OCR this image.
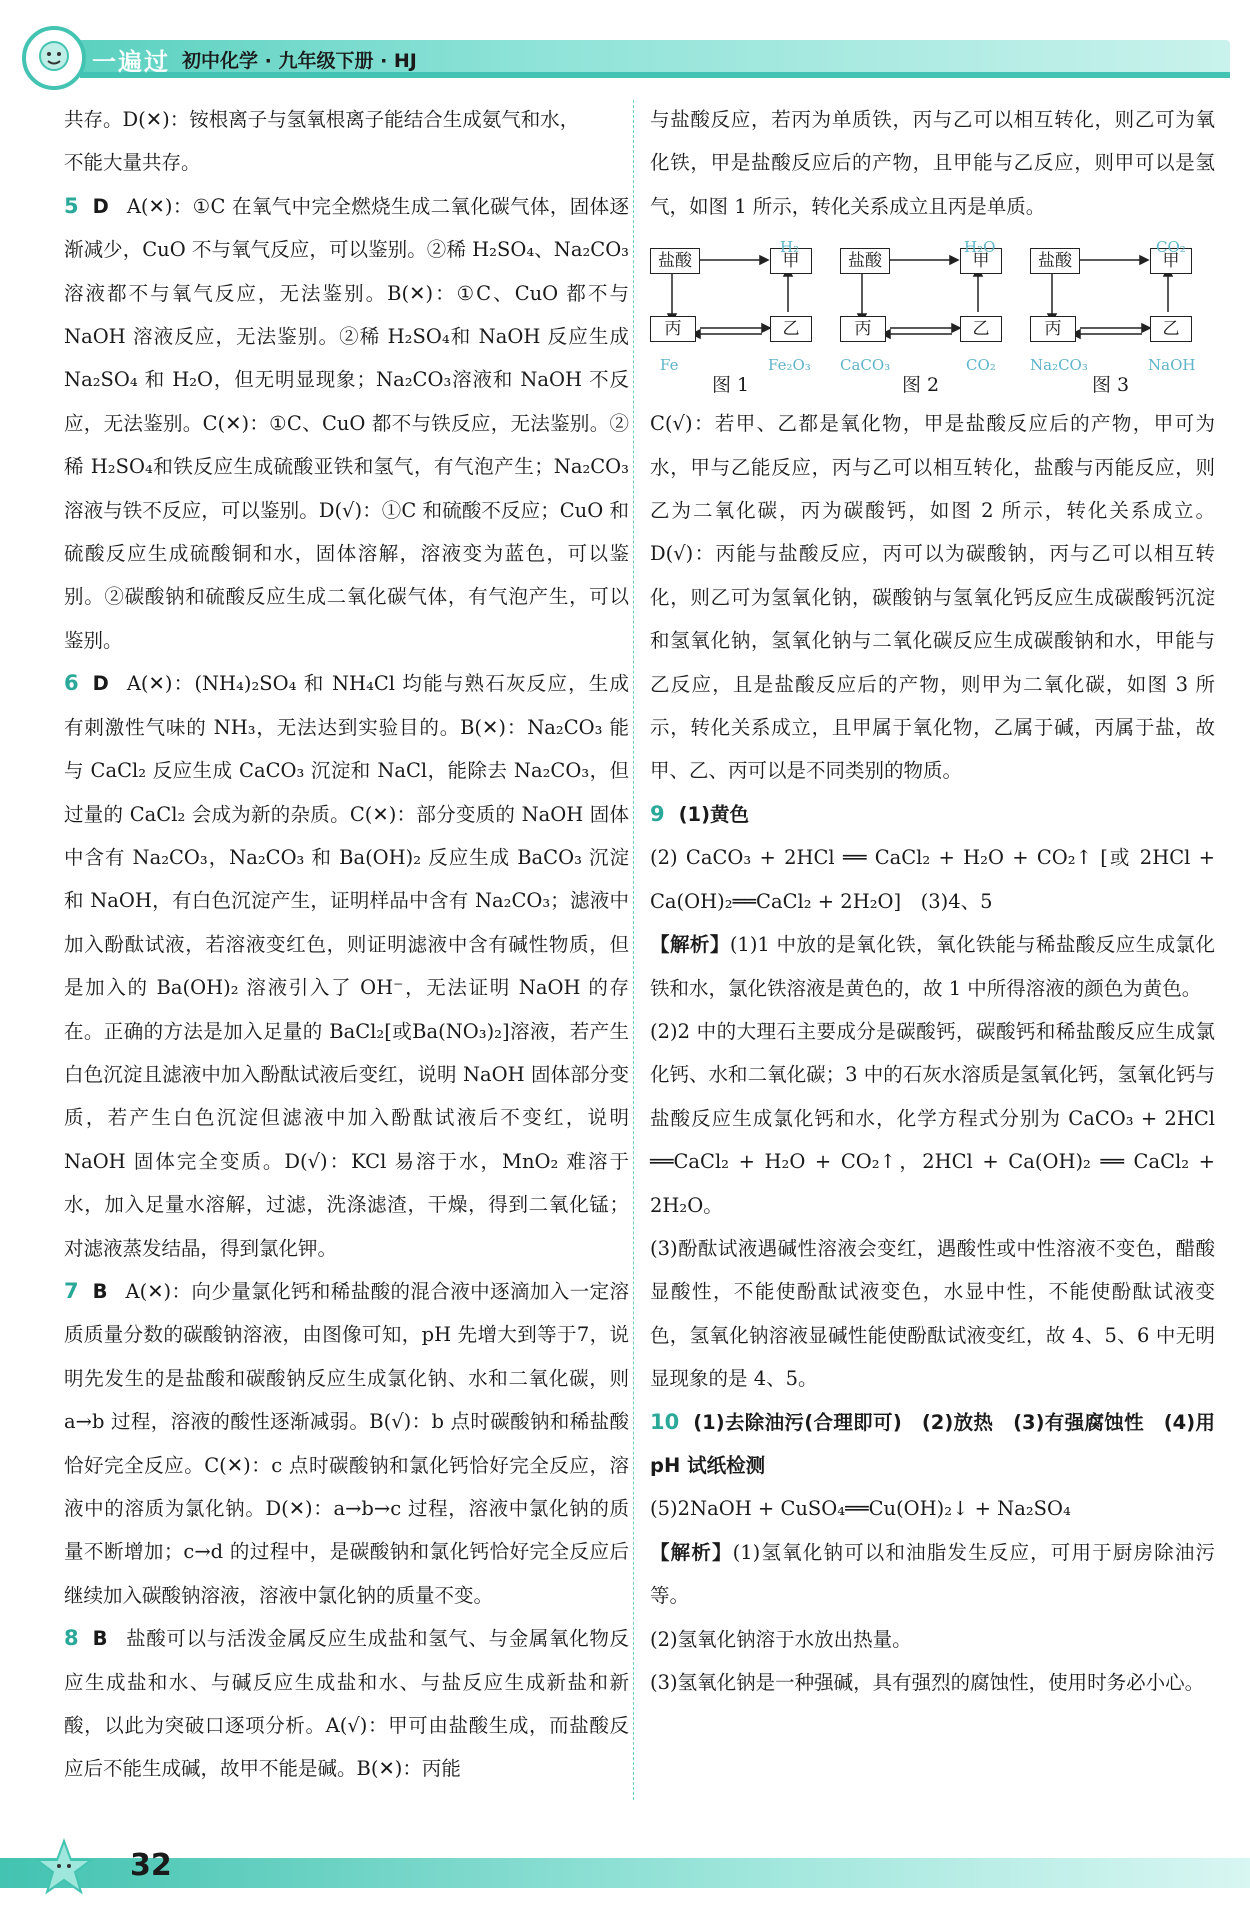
一遍过 初中化学 · 九年级下册 · HJ

共存。D(✕)：铵根离子与氢氧根离子能结合生成氨气和水，

不能大量共存。

5 D A(✕)：①C 在氧气中完全燃烧生成二氧化碳气体，固体逐渐减少，CuO 不与氧气反应，可以鉴别。②稀 H₂SO₄、Na₂CO₃溶液都不与氧气反应，无法鉴别。B(✕)：①C、CuO 都不与 NaOH 溶液反应，无法鉴别。②稀 H₂SO₄和 NaOH 反应生成 Na₂SO₄ 和 H₂O，但无明显现象；Na₂CO₃溶液和 NaOH 不反应，无法鉴别。C(✕)：①C、CuO 都不与铁反应，无法鉴别。②稀 H₂SO₄和铁反应生成硫酸亚铁和氢气，有气泡产生；Na₂CO₃溶液与铁不反应，可以鉴别。D(√)：①C 和硫酸不反应；CuO 和硫酸反应生成硫酸铜和水，固体溶解，溶液变为蓝色，可以鉴别。②碳酸钠和硫酸反应生成二氧化碳气体，有气泡产生，可以鉴别。

6 D A(✕)：(NH₄)₂SO₄ 和 NH₄Cl 均能与熟石灰反应，生成有刺激性气味的 NH₃，无法达到实验目的。B(✕)：Na₂CO₃ 能与 CaCl₂ 反应生成 CaCO₃ 沉淀和 NaCl，能除去 Na₂CO₃，但过量的 CaCl₂ 会成为新的杂质。C(✕)：部分变质的 NaOH 固体中含有 Na₂CO₃，Na₂CO₃ 和 Ba(OH)₂ 反应生成 BaCO₃ 沉淀和 NaOH，有白色沉淀产生，证明样品中含有 Na₂CO₃；滤液中加入酚酞试液，若溶液变红色，则证明滤液中含有碱性物质，但是加入的 Ba(OH)₂ 溶液引入了 OH⁻，无法证明 NaOH 的存在。正确的方法是加入足量的 BaCl₂[或Ba(NO₃)₂]溶液，若产生白色沉淀且滤液中加入酚酞试液后变红，说明 NaOH 固体部分变质，若产生白色沉淀但滤液中加入酚酞试液后不变红，说明 NaOH 固体完全变质。D(√)：KCl 易溶于水，MnO₂ 难溶于水，加入足量水溶解，过滤，洗涤滤渣，干燥，得到二氧化锰；对滤液蒸发结晶，得到氯化钾。

7 B A(✕)：向少量氯化钙和稀盐酸的混合液中逐滴加入一定溶质质量分数的碳酸钠溶液，由图像可知，pH 先增大到等于7，说明先发生的是盐酸和碳酸钠反应生成氯化钠、水和二氧化碳，则 a→b 过程，溶液的酸性逐渐减弱。B(√)：b 点时碳酸钠和稀盐酸恰好完全反应。C(✕)：c 点时碳酸钠和氯化钙恰好完全反应，溶液中的溶质为氯化钠。D(✕)：a→b→c 过程，溶液中氯化钠的质量不断增加；c→d 的过程中，是碳酸钠和氯化钙恰好完全反应后继续加入碳酸钠溶液，溶液中氯化钠的质量不变。

8 B 盐酸可以与活泼金属反应生成盐和氢气、与金属氧化物反应生成盐和水、与碱反应生成盐和水、与盐反应生成新盐和新酸，以此为突破口逐项分析。A(√)：甲可由盐酸生成，而盐酸反应后不能生成碱，故甲不能是碱。B(✕)：丙能

与盐酸反应，若丙为单质铁，丙与乙可以相互转化，则乙可为氧化铁，甲是盐酸反应后的产物，且甲能与乙反应，则甲可以是氢气，如图 1 所示，转化关系成立且丙是单质。

盐酸	甲
丙	乙
H₂
Fe	Fe₂O₃
图 1
盐酸	甲
丙	乙
H₂O
CaCO₃	CO₂
图 2
盐酸	甲
丙	乙
CO₂
Na₂CO₃	NaOH
图 3

C(√)：若甲、乙都是氧化物，甲是盐酸反应后的产物，甲可为水，甲与乙能反应，丙与乙可以相互转化，盐酸与丙能反应，则乙为二氧化碳，丙为碳酸钙，如图 2 所示，转化关系成立。D(√)：丙能与盐酸反应，丙可以为碳酸钠，丙与乙可以相互转化，则乙可为氢氧化钠，碳酸钠与氢氧化钙反应生成碳酸钙沉淀和氢氧化钠，氢氧化钠与二氧化碳反应生成碳酸钠和水，甲能与乙反应，且是盐酸反应后的产物，则甲为二氧化碳，如图 3 所示，转化关系成立，且甲属于氧化物，乙属于碱，丙属于盐，故甲、乙、丙可以是不同类别的物质。

9 (1)黄色

(2) CaCO₃ + 2HCl ══ CaCl₂ + H₂O + CO₂↑ [或 2HCl + Ca(OH)₂══CaCl₂ + 2H₂O]　(3)4、5

【解析】(1)1 中放的是氧化铁，氧化铁能与稀盐酸反应生成氯化铁和水，氯化铁溶液是黄色的，故 1 中所得溶液的颜色为黄色。

(2)2 中的大理石主要成分是碳酸钙，碳酸钙和稀盐酸反应生成氯化钙、水和二氧化碳；3 中的石灰水溶质是氢氧化钙，氢氧化钙与盐酸反应生成氯化钙和水，化学方程式分别为 CaCO₃ + 2HCl ══CaCl₂ + H₂O + CO₂↑，2HCl + Ca(OH)₂ ══ CaCl₂ + 2H₂O。

(3)酚酞试液遇碱性溶液会变红，遇酸性或中性溶液不变色，醋酸显酸性，不能使酚酞试液变色，水显中性，不能使酚酞试液变色，氢氧化钠溶液显碱性能使酚酞试液变红，故 4、5、6 中无明显现象的是 4、5。

10 (1)去除油污(合理即可)　(2)放热　(3)有强腐蚀性　(4)用 pH 试纸检测

(5)2NaOH + CuSO₄══Cu(OH)₂↓ + Na₂SO₄

【解析】(1)氢氧化钠可以和油脂发生反应，可用于厨房除油污等。

(2)氢氧化钠溶于水放出热量。

(3)氢氧化钠是一种强碱，具有强烈的腐蚀性，使用时务必小心。

32
